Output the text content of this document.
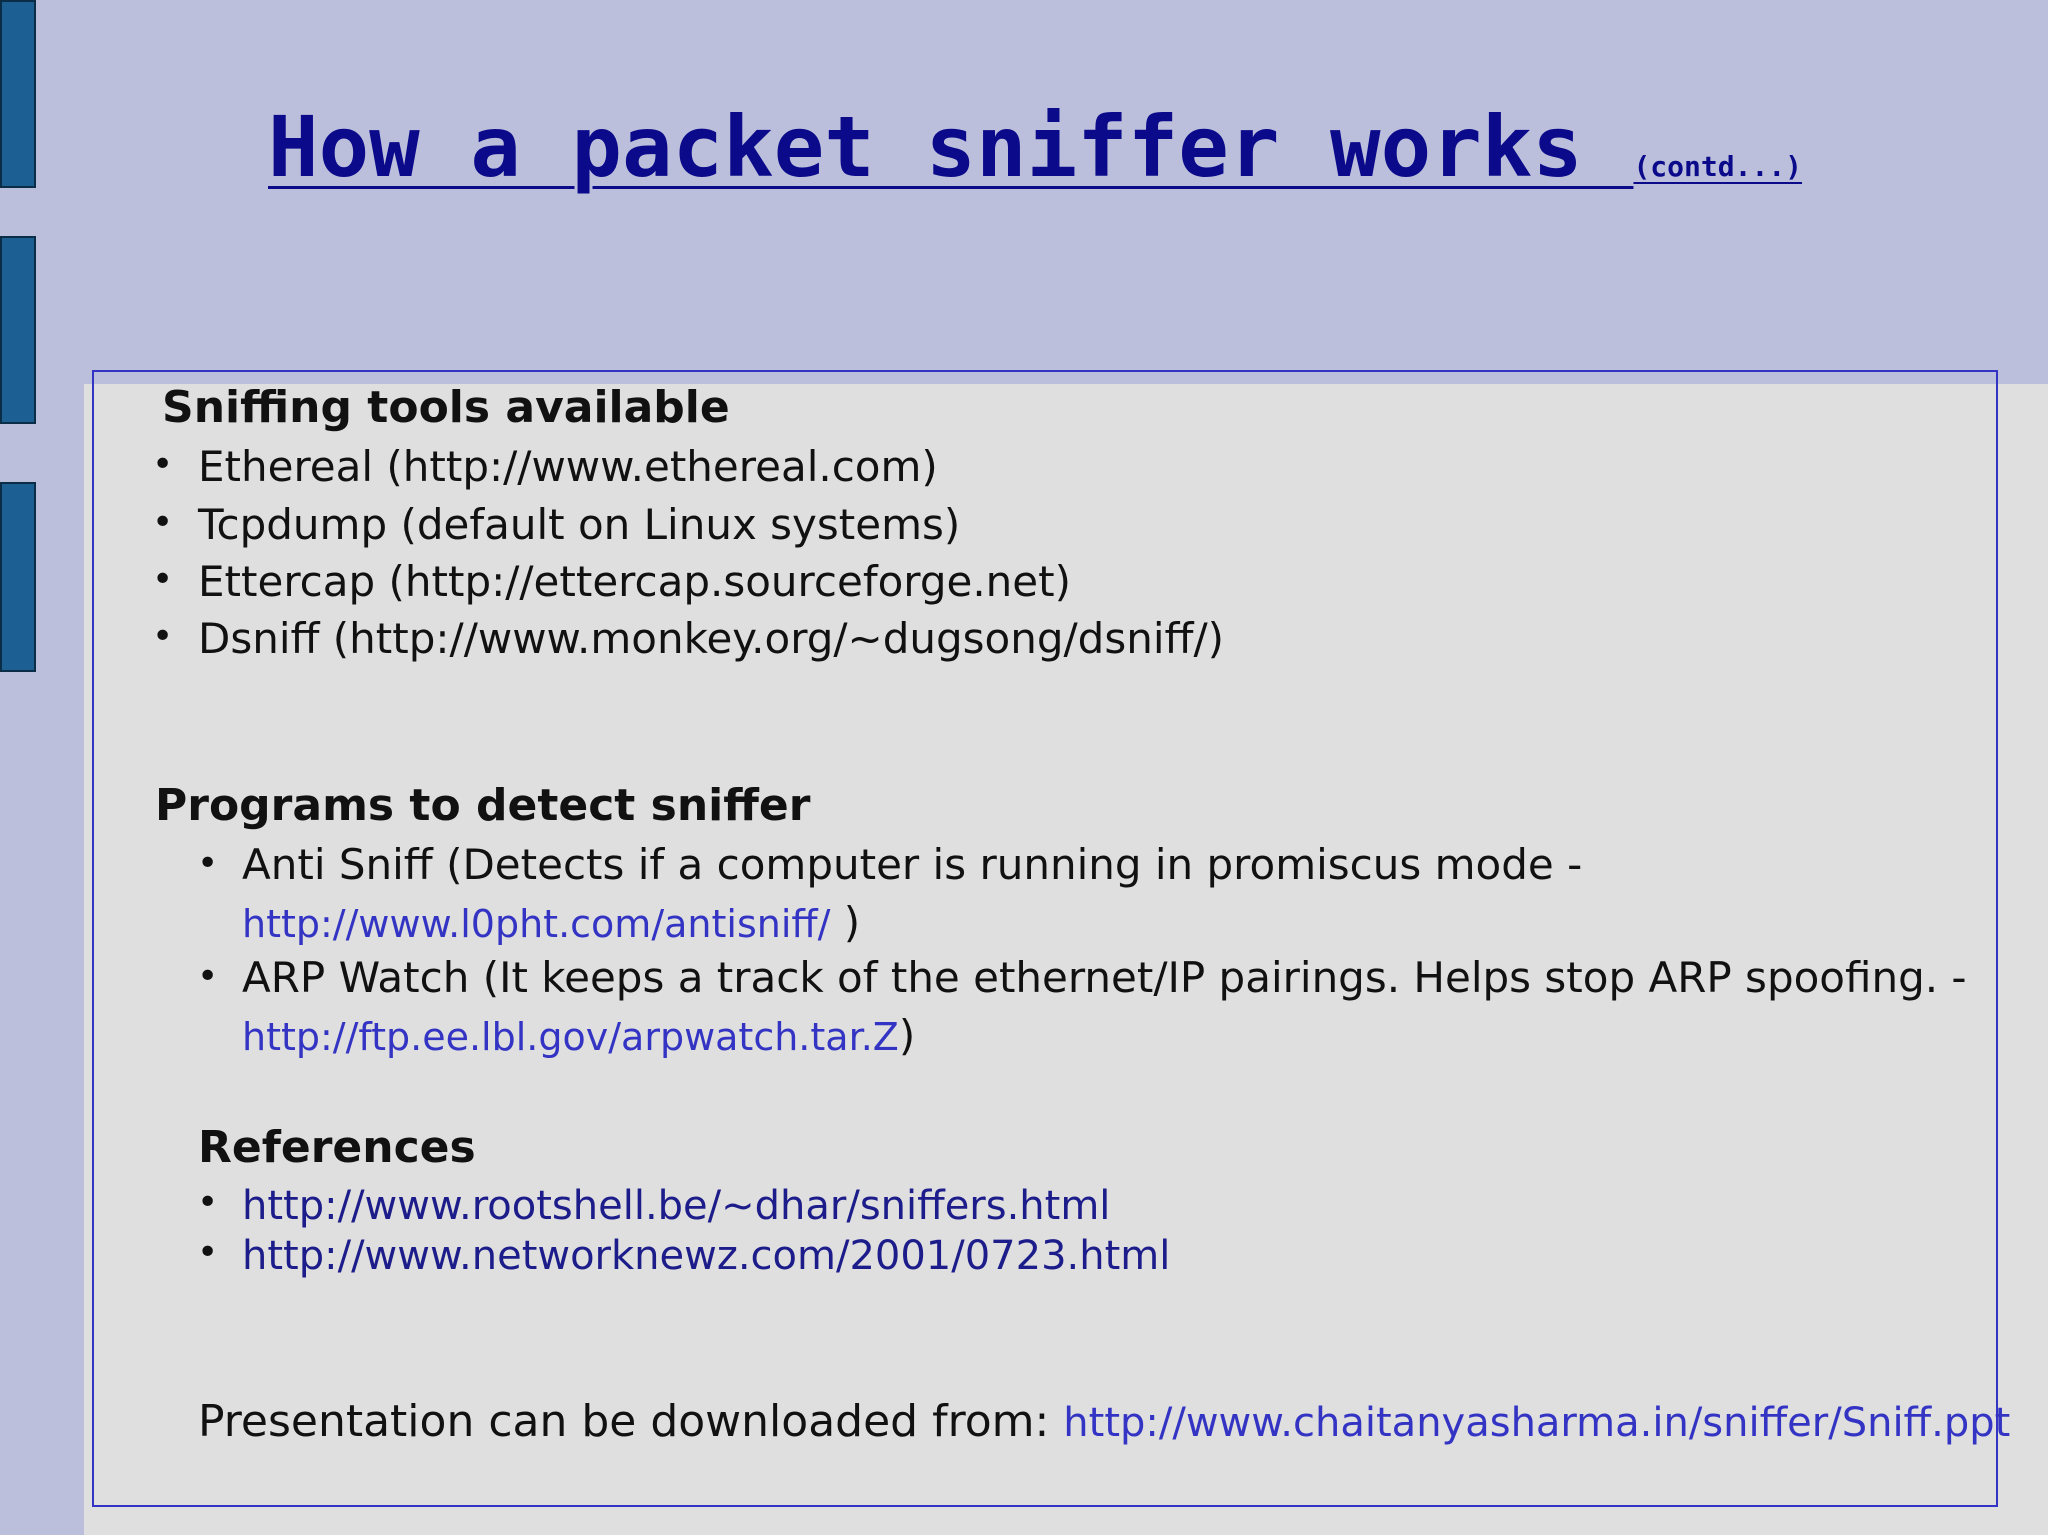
How a packet sniffer works (contd...)
Sniffing tools available
• Ethereal (http://www.ethereal.com)
• Tcpdump (default on Linux systems)
• Ettercap (http://ettercap.sourceforge.net)
• Dsniff (http://www.monkey.org/~dugsong/dsniff/)
Programs to detect sniffer
• Anti Sniff (Detects if a computer is running in promiscus mode -
http://www.l0pht.com/antisniff/ )
• ARP Watch (It keeps a track of the ethernet/IP pairings. Helps stop ARP spoofing. -
http://ftp.ee.lbl.gov/arpwatch.tar.Z)
References
• http://www.rootshell.be/~dhar/sniffers.html
• http://www.networknewz.com/2001/0723.html
Presentation can be downloaded from: http://www.chaitanyasharma.in/sniffer/Sniff.ppt
